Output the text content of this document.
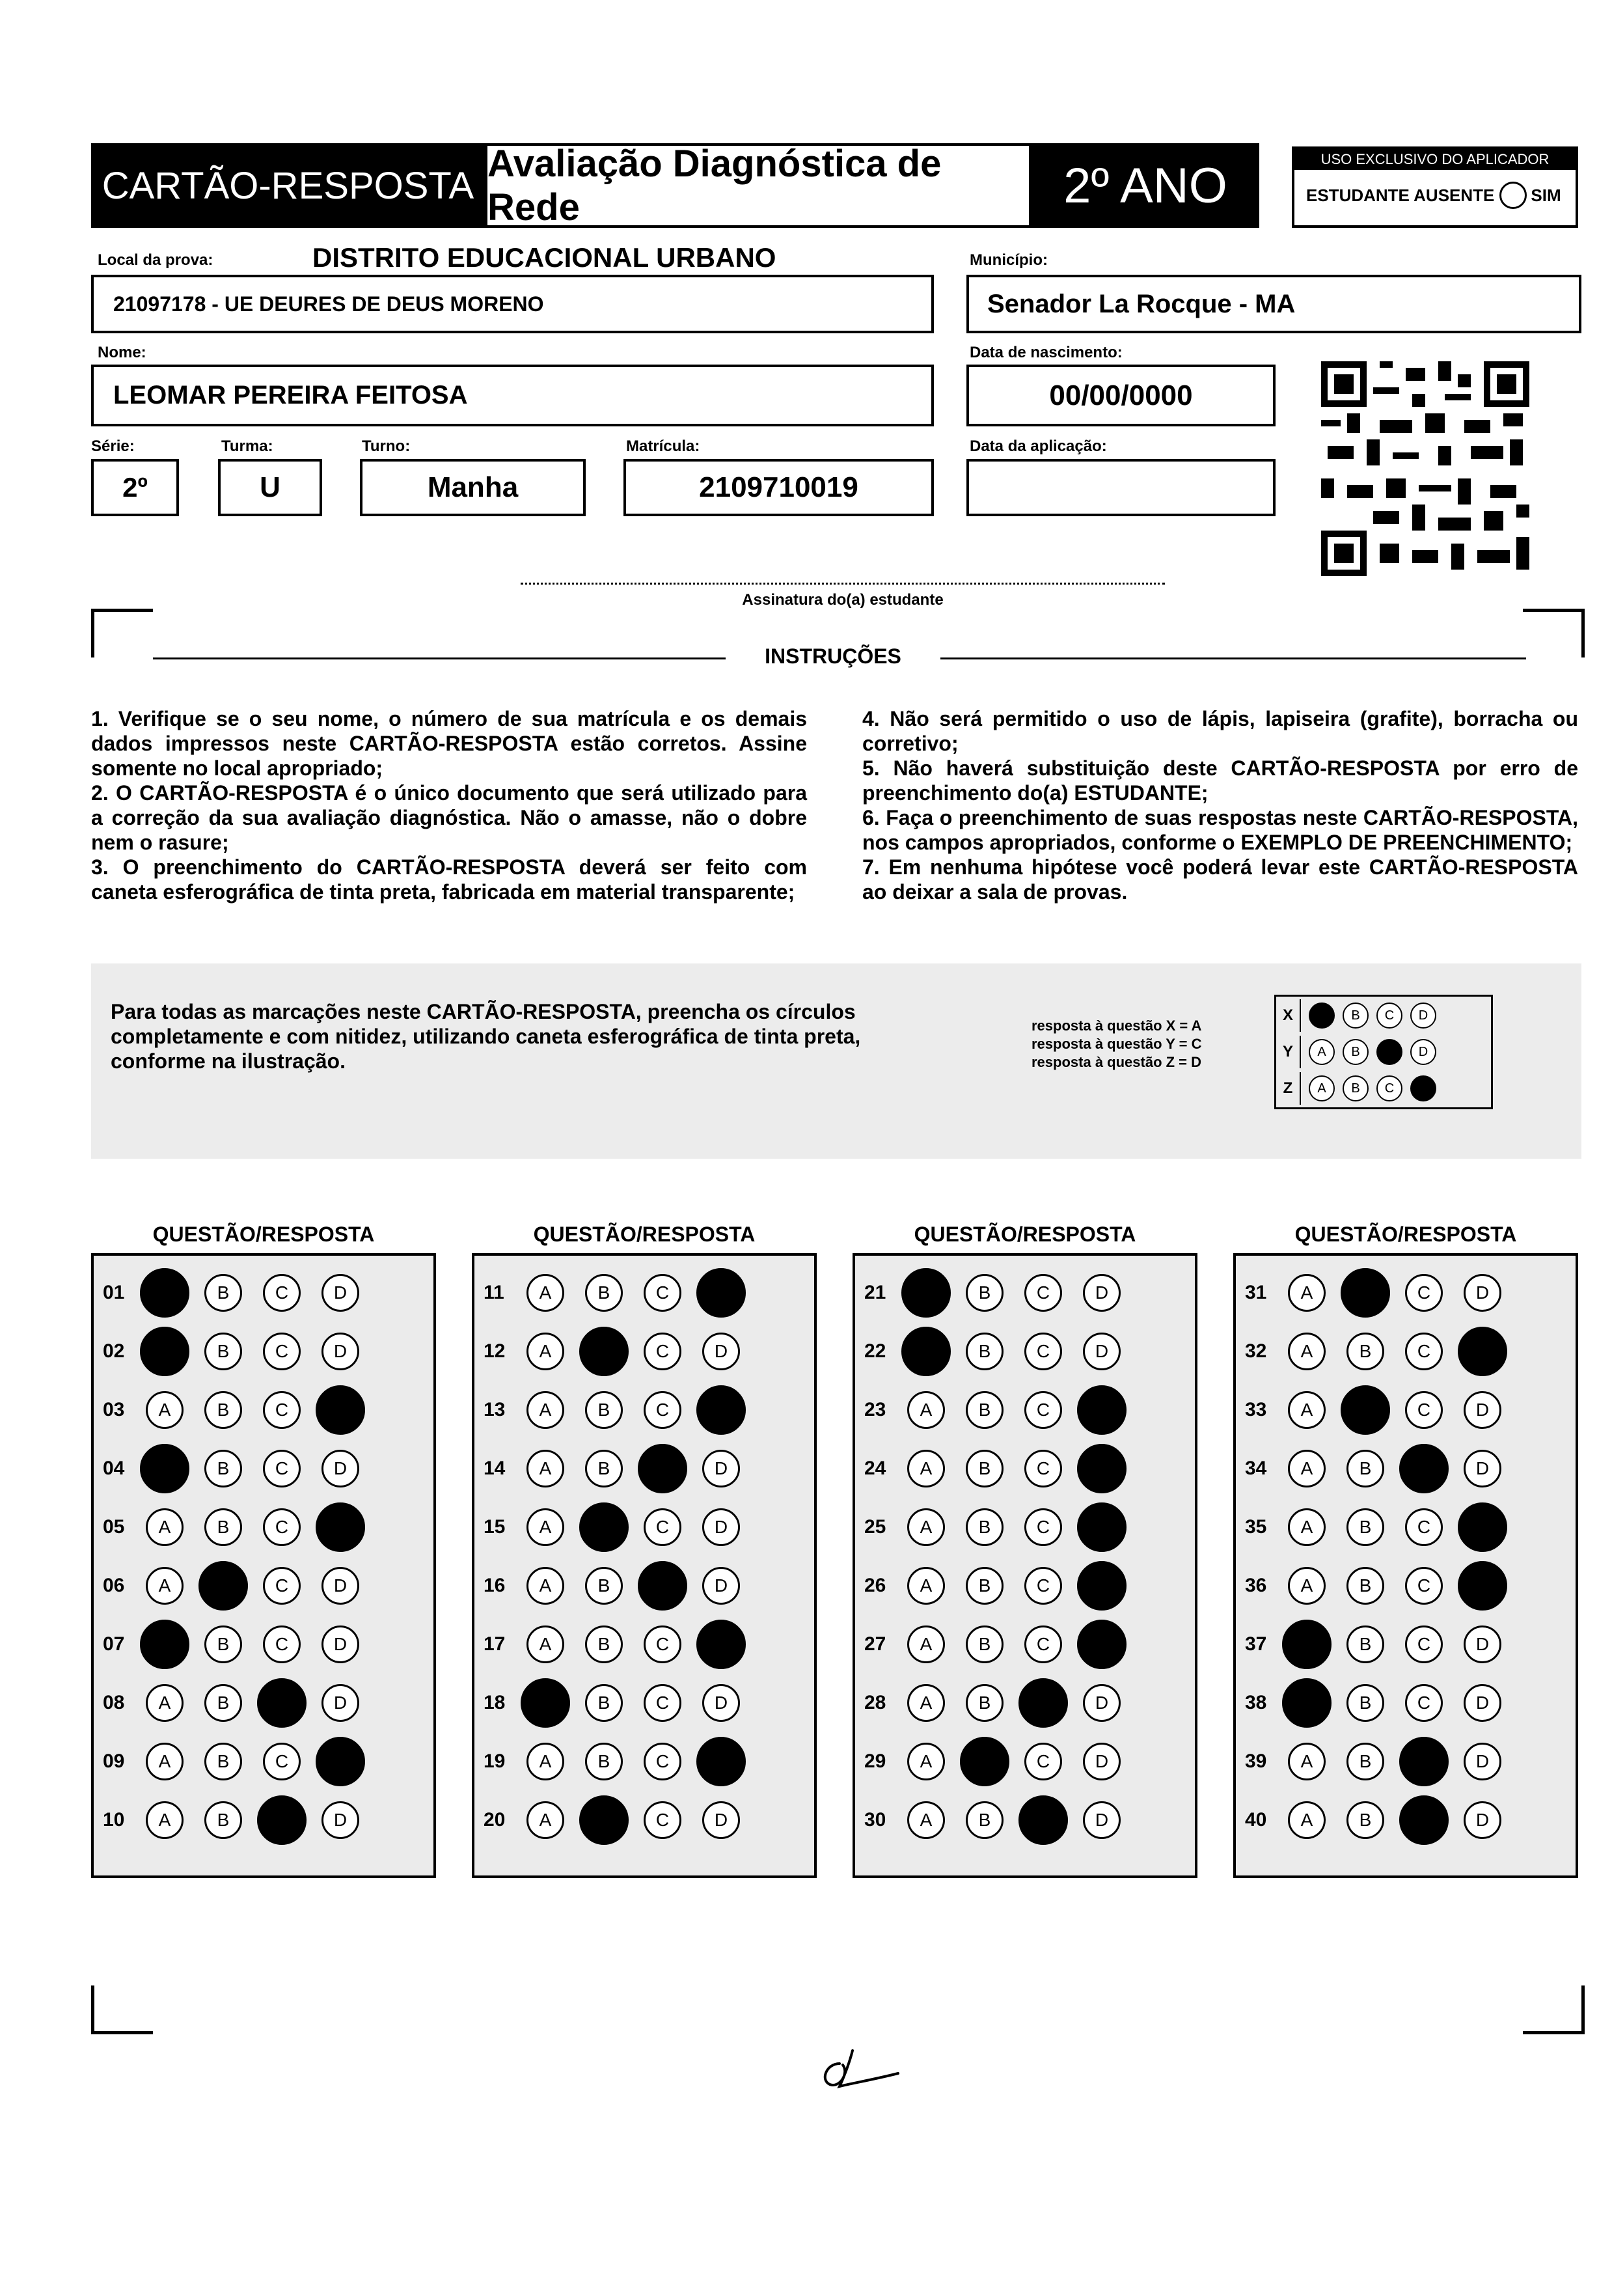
CARTÃO-RESPOSTA
Avaliação Diagnóstica de Rede	2º ANO	USO EXCLUSIVO DO APLICADOR
ESTUDANTE AUSENTE SIM
Local da prova:	DISTRITO EDUCACIONAL URBANO
21097178 - UE DEURES DE DEUS MORENO
Município:
Senador La Rocque - MA
Nome:
LEOMAR PEREIRA FEITOSA
Data de nascimento:
00/00/0000
Série:
2º
Turma:
U
Turno:
Manha
Matrícula:
2109710019
Data da aplicação:
Assinatura do(a) estudante
INSTRUÇÕES

1. Verifique se o seu nome, o número de sua matrícula e os demais dados impressos neste CARTÃO-RESPOSTA estão corretos. Assine somente no local apropriado;

2. O CARTÃO-RESPOSTA é o único documento que será utilizado para a correção da sua avaliação diagnóstica. Não o amasse, não o dobre nem o rasure;

3. O preenchimento do CARTÃO-RESPOSTA deverá ser feito com caneta esferográfica de tinta preta, fabricada em material transparente;

4. Não será permitido o uso de lápis, lapiseira (grafite), borracha ou corretivo;

5. Não haverá substituição deste CARTÃO-RESPOSTA por erro de preenchimento do(a) ESTUDANTE;

6. Faça o preenchimento de suas respostas neste CARTÃO-RESPOSTA, nos campos apropriados, conforme o EXEMPLO DE PREENCHIMENTO;

7. Em nenhuma hipótese você poderá levar este CARTÃO-RESPOSTA ao deixar a sala de provas.

Para todas as marcações neste CARTÃO-RESPOSTA, preencha os círculos completamente e com nitidez, utilizando caneta esferográfica de tinta preta, conforme na ilustração.
resposta à questão X = A
resposta à questão Y = C
resposta à questão Z = D
X	B	C	D
Y	A	B	D
Z	A	B	C
QUESTÃO/RESPOSTA
01	B	C	D
02	B	C	D
03	A	B	C
04	B	C	D
05	A	B	C
06	A	C	D
07	B	C	D
08	A	B	D
09	A	B	C
10	A	B	D
QUESTÃO/RESPOSTA
11	A	B	C
12	A	C	D
13	A	B	C
14	A	B	D
15	A	C	D
16	A	B	D
17	A	B	C
18	B	C	D
19	A	B	C
20	A	C	D
QUESTÃO/RESPOSTA
21	B	C	D
22	B	C	D
23	A	B	C
24	A	B	C
25	A	B	C
26	A	B	C
27	A	B	C
28	A	B	D
29	A	C	D
30	A	B	D
QUESTÃO/RESPOSTA
31	A	C	D
32	A	B	C
33	A	C	D
34	A	B	D
35	A	B	C
36	A	B	C
37	B	C	D
38	B	C	D
39	A	B	D
40	A	B	D
